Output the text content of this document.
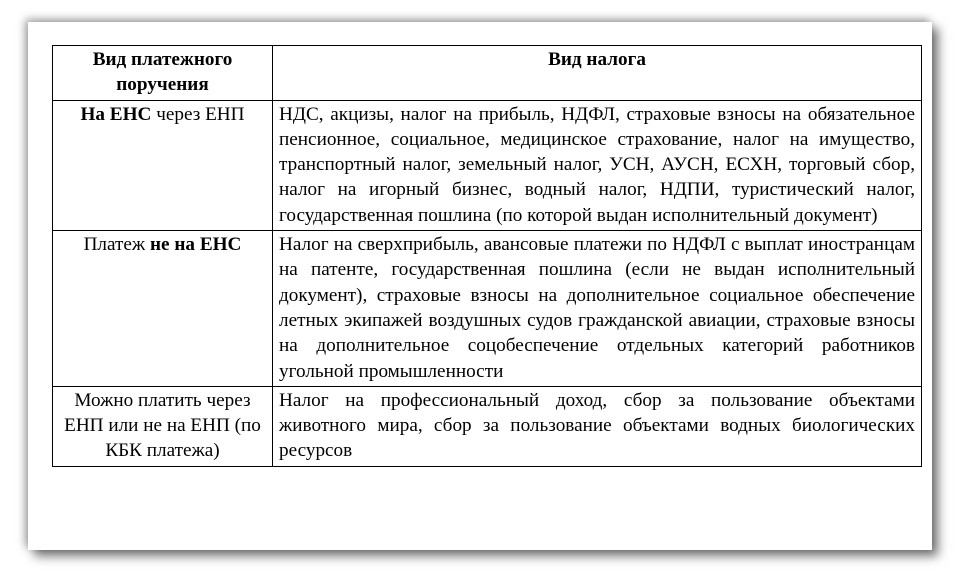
Вид платежного поручения	Вид налога
На ЕНС через ЕНП	НДС, акцизы, налог на прибыль, НДФЛ, страховые взносы на обязательное пенсионное, социальное, медицинское страхование, налог на имущество, транспортный налог, земельный налог, УСН, АУСН, ЕСХН, торговый сбор, налог на игорный бизнес, водный налог, НДПИ, туристический налог, государственная пошлина (по которой выдан исполнительный документ)
Платеж не на ЕНС	Налог на сверхприбыль, авансовые платежи по НДФЛ с выплат иностранцам на патенте, государственная пошлина (если не выдан исполнительный документ), страховые взносы на дополнительное социальное обеспечение летных экипажей воздушных судов гражданской авиации, страховые взносы на дополнительное соцобеспечение отдельных категорий работников угольной промышленности
Можно платить через ЕНП или не на ЕНП (по КБК платежа)	Налог на профессиональный доход, сбор за пользование объектами животного мира, сбор за пользование объектами водных биологических ресурсов
